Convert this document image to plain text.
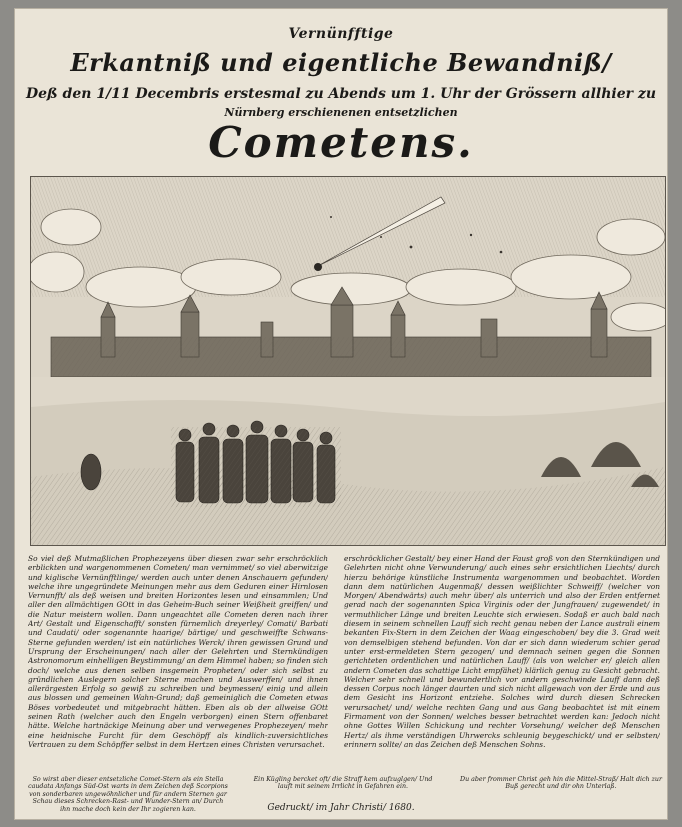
Vernünfftige
Erkantniß und eigentliche Bewandniß/
Deß den 1/11 Decembris erstesmal zu Abends um 1. Uhr der Grössern allhier zu
Nürnberg erschienenen entsetzlichen
Cometens.
So viel deß Mutmaßlichen Prophezeyens über diesen zwar sehr erschröcklich erblickten und wargenommenen Cometen/ man vernimmet/ so viel aberwitzige und kiglische Vernünfftlinge/ werden auch unter denen Anschauern gefunden/ welche ihre ungegründete Meinungen mehr aus dem Geduren einer Hirnlosen Vernunfft/ als deß weisen und breiten Horizontes lesen und einsammlen; Und aller den allmächtigen GOtt in das Geheim-Buch seiner Weißheit greiffen/ und die Natur meistern wollen. Dann ungeachtet alle Cometen deren nach ihrer Art/ Gestalt und Eigenschafft/ sonsten fürnemlich dreyerley/ Comati/ Barbati und Caudati/ oder sogenannte haarige/ bärtige/ und geschweiffte Schwans-Sterne gefunden werden/ ist ein natürliches Werck/ ihren gewissen Grund und Ursprung der Erscheinungen/ nach aller der Gelehrten und Sternkündigen Astronomorum einhelligen Beystimmung/ an dem Himmel haben; so finden sich doch/ welche aus denen selben insgemein Propheten/ oder sich selbst zu gründlichen Auslegern solcher Sterne machen und Auswerffen/ und ihnen allerärgesten Erfolg so gewiß zu schreiben und beymessen/ einig und allein aus blossen und gemeinen Wahn-Grund; daß gemeiniglich die Cometen etwas Böses vorbedeutet und mitgebracht hätten. Eben als ob der allweise GOtt seinen Rath (welcher auch den Engeln verborgen) einen Stern offenbaret hätte. Welche hartnäckige Meinung aber und verwegenes Prophezeyen/ mehr eine heidnische Furcht für dem Geschöpff als kindlich-zuversichtliches Vertrauen zu dem Schöpffer selbst in dem Hertzen eines Christen verursachet.
erschröcklicher Gestalt/ bey einer Hand der Faust groß von den Sternkündigen und Gelehrten nicht ohne Verwunderung/ auch eines sehr ersichtlichen Liechts/ durch hierzu behörige künstliche Instrumenta wargenommen und beobachtet. Worden dann dem natürlichen Augenmaß/ dessen weißlichter Schweiff/ (welcher von Morgen/ Abendwärts) auch mehr über/ als unterrich und also der Erden entfernet gerad nach der sogenannten Spica Virginis oder der Jungfrauen/ zugewendet/ in vermuthlicher Länge und breiten Leuchte sich erwiesen. Sodaß er auch bald nach diesem in seinem schnellen Lauff sich recht genau neben der Lance australi einem bekanten Fix-Stern in dem Zeichen der Waag eingeschoben/ bey die 3. Grad weit von demselbigen stehend befunden. Von dar er sich dann wiederum schier gerad unter erst-ermeldeten Stern gezogen/ und demnach seinen gegen die Sonnen gerichteten ordentlichen und natürlichen Lauff/ (als von welcher er/ gleich allen andern Cometen das schattige Licht empfähet) klärlich genug zu Gesicht gebracht. Welcher sehr schnell und bewundertlich vor andern geschwinde Lauff dann deß dessen Corpus noch länger daurten und sich nicht allgewach von der Erde und aus dem Gesicht ins Horizont entziehe. Solches wird durch diesen Schrecken verursachet/ und/ welche rechten Gang und aus Gang beobachtet ist mit einem Firmament von der Sonnen/ welches besser betrachtet werden kan: Jedoch nicht ohne Gottes Willen Schickung und rechter Vorsehung/ welcher deß Menschen Hertz/ als ihme verständigen Uhrwercks schleunig beygeschickt/ und er selbsten/ erinnern sollte/ an das Zeichen deß Menschen Sohns.
So wirst aber dieser entsetzliche Comet-Stern als ein Stella caudata Anfangs Süd-Ost warts in dem Zeichen deß Scorpions von sonderbaren ungewöhnlicher und für andern Sternen gar
Schau dieses Schrecken-Rast- und Wunder-Stern an/ Durch ihn mache doch kein der Ihr zogieren kan.
Ein Kügling bercket oft/ die Straff kem aufzuglgen/ Und lauft mit seinem Irrlicht in Gefahren ein.
Du aber frommer Christ geh hin die Mittel-Straß/ Halt dich zur Buß gerecht und dir ohn Unterlaß.
Gedruckt/ im Jahr Christi/ 1680.
